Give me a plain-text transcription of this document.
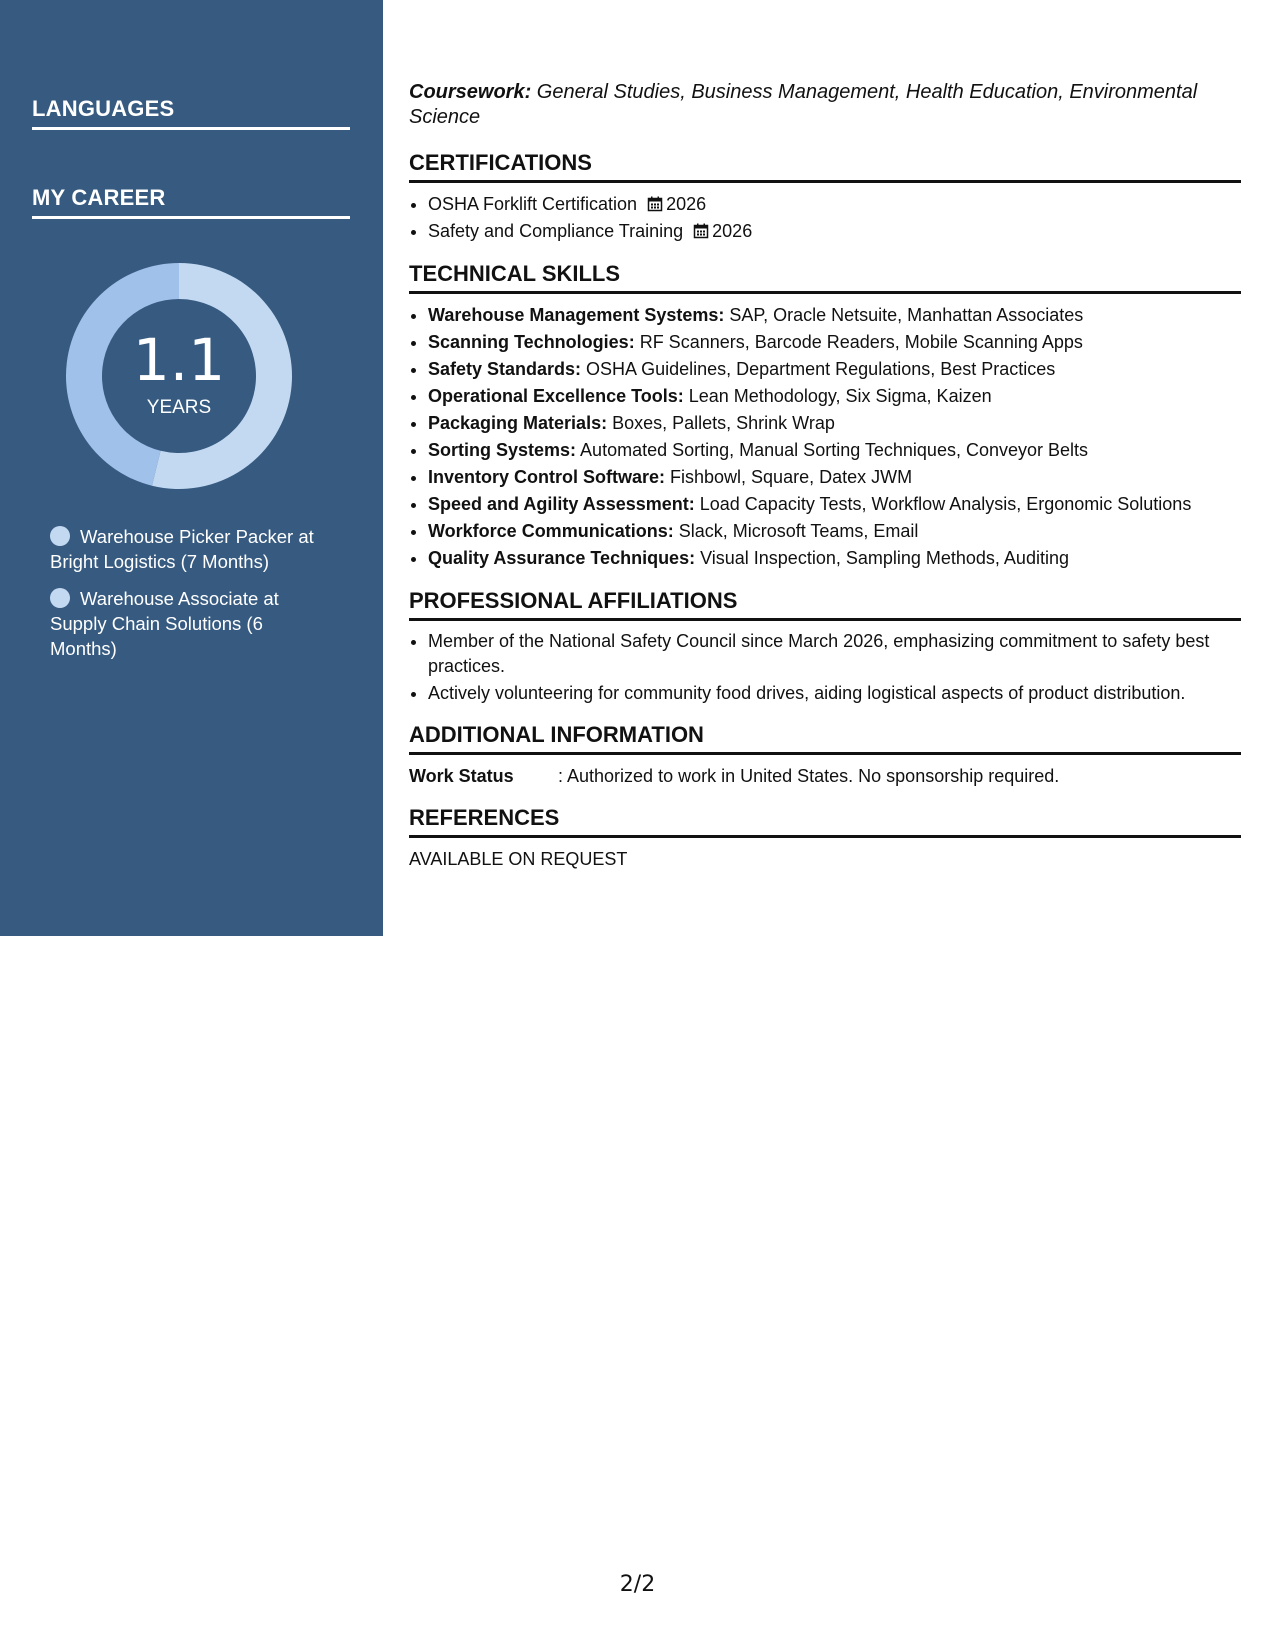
LANGUAGES
MY CAREER
1.1
YEARS
Warehouse Picker Packer at Bright Logistics (7 Months)
Warehouse Associate at Supply Chain Solutions (6 Months)
Coursework: General Studies, Business Management, Health Education, Environmental Science
CERTIFICATIONS
• OSHA Forklift Certification 2026
• Safety and Compliance Training 2026
TECHNICAL SKILLS
• Warehouse Management Systems: SAP, Oracle Netsuite, Manhattan Associates
• Scanning Technologies: RF Scanners, Barcode Readers, Mobile Scanning Apps
• Safety Standards: OSHA Guidelines, Department Regulations, Best Practices
• Operational Excellence Tools: Lean Methodology, Six Sigma, Kaizen
• Packaging Materials: Boxes, Pallets, Shrink Wrap
• Sorting Systems: Automated Sorting, Manual Sorting Techniques, Conveyor Belts
• Inventory Control Software: Fishbowl, Square, Datex JWM
• Speed and Agility Assessment: Load Capacity Tests, Workflow Analysis, Ergonomic Solutions
• Workforce Communications: Slack, Microsoft Teams, Email
• Quality Assurance Techniques: Visual Inspection, Sampling Methods, Auditing
PROFESSIONAL AFFILIATIONS
• Member of the National Safety Council since March 2026, emphasizing commitment to safety best practices.
• Actively volunteering for community food drives, aiding logistical aspects of product distribution.
ADDITIONAL INFORMATION
Work Status : Authorized to work in United States. No sponsorship required.
REFERENCES
AVAILABLE ON REQUEST
2/2
